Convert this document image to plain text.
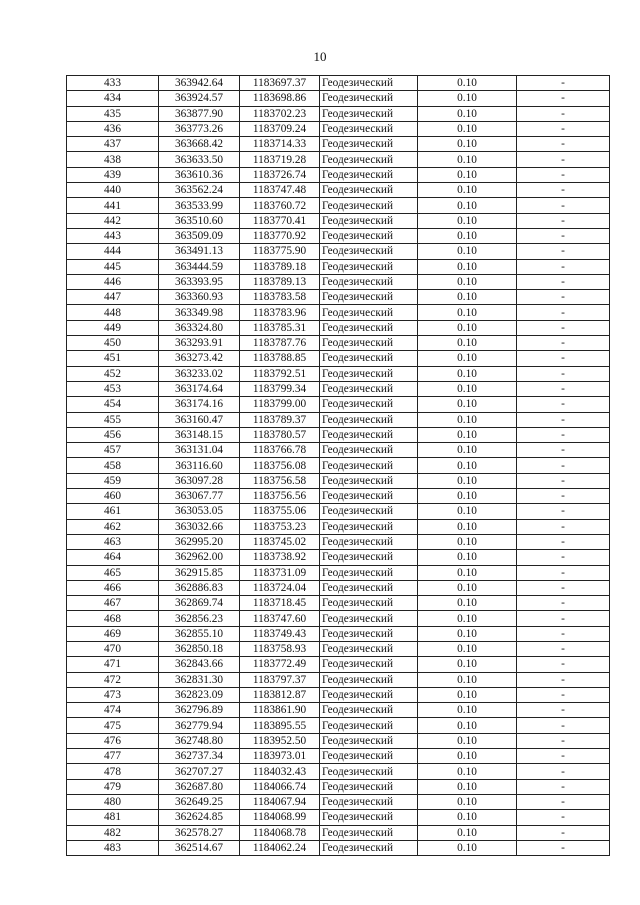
10
433	363942.64	1183697.37	Геодезический	0.10	-
434	363924.57	1183698.86	Геодезический	0.10	-
435	363877.90	1183702.23	Геодезический	0.10	-
436	363773.26	1183709.24	Геодезический	0.10	-
437	363668.42	1183714.33	Геодезический	0.10	-
438	363633.50	1183719.28	Геодезический	0.10	-
439	363610.36	1183726.74	Геодезический	0.10	-
440	363562.24	1183747.48	Геодезический	0.10	-
441	363533.99	1183760.72	Геодезический	0.10	-
442	363510.60	1183770.41	Геодезический	0.10	-
443	363509.09	1183770.92	Геодезический	0.10	-
444	363491.13	1183775.90	Геодезический	0.10	-
445	363444.59	1183789.18	Геодезический	0.10	-
446	363393.95	1183789.13	Геодезический	0.10	-
447	363360.93	1183783.58	Геодезический	0.10	-
448	363349.98	1183783.96	Геодезический	0.10	-
449	363324.80	1183785.31	Геодезический	0.10	-
450	363293.91	1183787.76	Геодезический	0.10	-
451	363273.42	1183788.85	Геодезический	0.10	-
452	363233.02	1183792.51	Геодезический	0.10	-
453	363174.64	1183799.34	Геодезический	0.10	-
454	363174.16	1183799.00	Геодезический	0.10	-
455	363160.47	1183789.37	Геодезический	0.10	-
456	363148.15	1183780.57	Геодезический	0.10	-
457	363131.04	1183766.78	Геодезический	0.10	-
458	363116.60	1183756.08	Геодезический	0.10	-
459	363097.28	1183756.58	Геодезический	0.10	-
460	363067.77	1183756.56	Геодезический	0.10	-
461	363053.05	1183755.06	Геодезический	0.10	-
462	363032.66	1183753.23	Геодезический	0.10	-
463	362995.20	1183745.02	Геодезический	0.10	-
464	362962.00	1183738.92	Геодезический	0.10	-
465	362915.85	1183731.09	Геодезический	0.10	-
466	362886.83	1183724.04	Геодезический	0.10	-
467	362869.74	1183718.45	Геодезический	0.10	-
468	362856.23	1183747.60	Геодезический	0.10	-
469	362855.10	1183749.43	Геодезический	0.10	-
470	362850.18	1183758.93	Геодезический	0.10	-
471	362843.66	1183772.49	Геодезический	0.10	-
472	362831.30	1183797.37	Геодезический	0.10	-
473	362823.09	1183812.87	Геодезический	0.10	-
474	362796.89	1183861.90	Геодезический	0.10	-
475	362779.94	1183895.55	Геодезический	0.10	-
476	362748.80	1183952.50	Геодезический	0.10	-
477	362737.34	1183973.01	Геодезический	0.10	-
478	362707.27	1184032.43	Геодезический	0.10	-
479	362687.80	1184066.74	Геодезический	0.10	-
480	362649.25	1184067.94	Геодезический	0.10	-
481	362624.85	1184068.99	Геодезический	0.10	-
482	362578.27	1184068.78	Геодезический	0.10	-
483	362514.67	1184062.24	Геодезический	0.10	-
